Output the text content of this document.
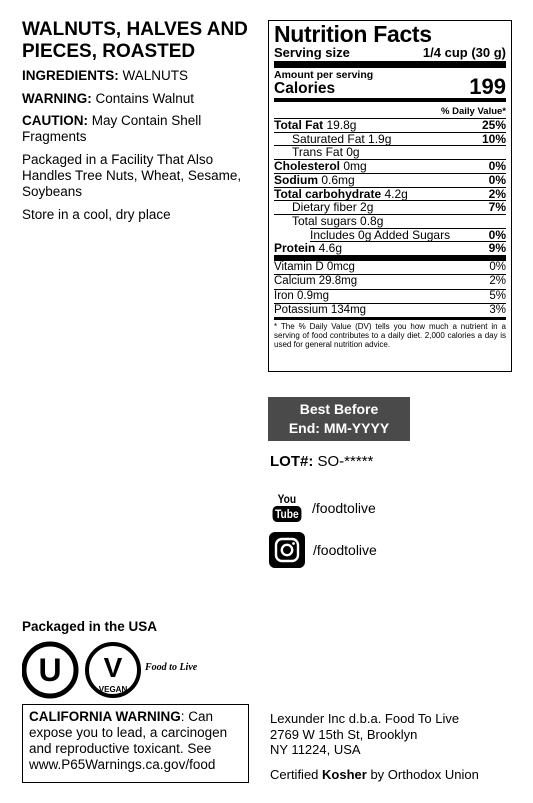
WALNUTS, HALVES AND
PIECES, ROASTED
INGREDIENTS: WALNUTS
WARNING: Contains Walnut
CAUTION: May Contain Shell Fragments
Packaged in a Facility That Also Handles Tree Nuts, Wheat, Sesame, Soybeans
Store in a cool, dry place
Nutrition Facts
Serving size	1/4 cup (30 g)
Amount per serving
Calories	199
% Daily Value*
Total Fat 19.8g	25%
Saturated Fat 1.9g	10%
Trans Fat 0g
Cholesterol 0mg	0%
Sodium 0.6mg	0%
Total carbohydrate 4.2g	2%
Dietary fiber 2g	7%
Total sugars 0.8g
Includes 0g Added Sugars	0%
Protein 4.6g	9%
Vitamin D 0mcg	0%
Calcium 29.8mg	2%
Iron 0.9mg	5%
Potassium 134mg	3%
* The % Daily Value (DV) tells you how much a nutrient in a serving of food contributes to a daily diet. 2,000 calories a day is used for general nutrition advice.
Best Before
End: MM-YYYY
LOT#: SO-*****
You
Tube /foodtolive
/foodtolive
Packaged in the USA
U V
VEGAN
Food to Live
CALIFORNIA WARNING: Can expose you to lead, a carcinogen and reproductive toxicant. See www.P65Warnings.ca.gov/food
Lexunder Inc d.b.a. Food To Live
2769 W 15th St, Brooklyn
NY 11224, USA
Certified Kosher by Orthodox Union
